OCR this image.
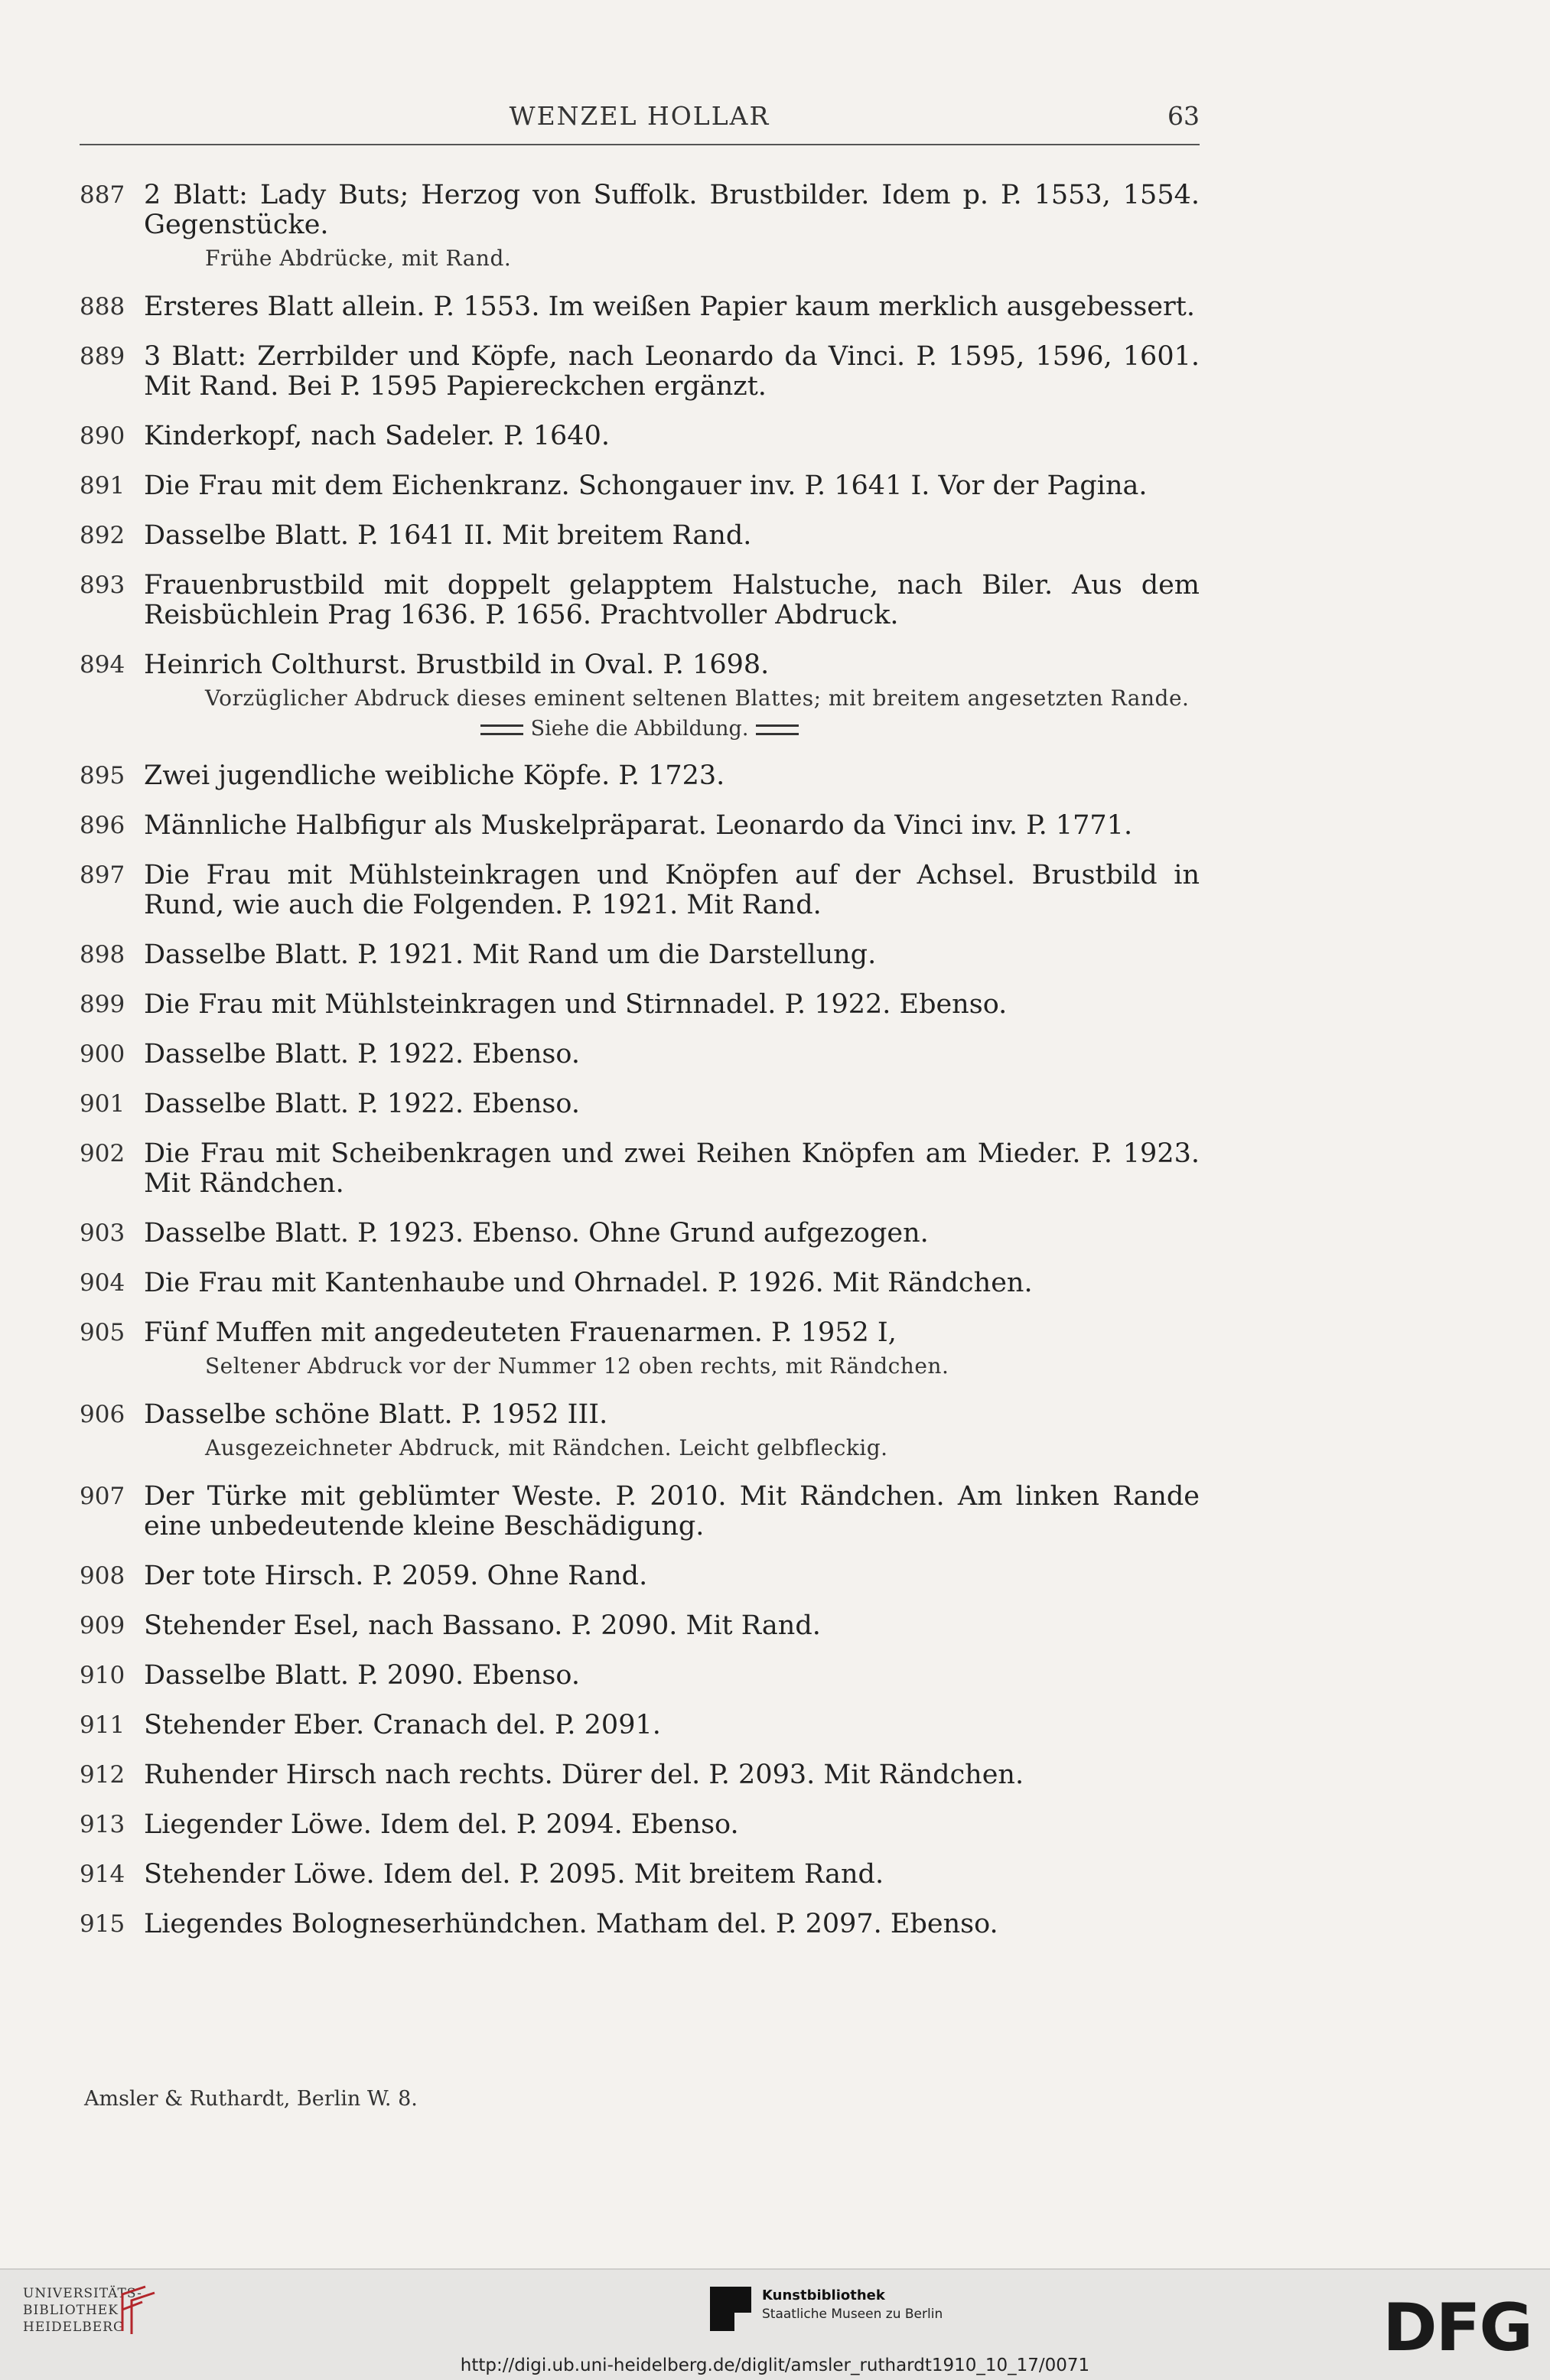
WENZEL HOLLAR	63
887 2 Blatt: Lady Buts; Herzog von Suffolk. Brustbilder. Idem p. P. 1553, 1554. Gegenstücke.
Frühe Abdrücke, mit Rand.
888 Ersteres Blatt allein. P. 1553. Im weißen Papier kaum merklich ausgebessert.
889 3 Blatt: Zerrbilder und Köpfe, nach Leonardo da Vinci. P. 1595, 1596, 1601. Mit Rand. Bei P. 1595 Papiereckchen ergänzt.
890 Kinderkopf, nach Sadeler. P. 1640.
891 Die Frau mit dem Eichenkranz. Schongauer inv. P. 1641 I. Vor der Pagina.
892 Dasselbe Blatt. P. 1641 II. Mit breitem Rand.
893 Frauenbrustbild mit doppelt gelapptem Halstuche, nach Biler. Aus dem Reisbüchlein Prag 1636. P. 1656. Prachtvoller Abdruck.
894 Heinrich Colthurst. Brustbild in Oval. P. 1698.
Vorzüglicher Abdruck dieses eminent seltenen Blattes; mit breitem angesetzten Rande.
Siehe die Abbildung.
895 Zwei jugendliche weibliche Köpfe. P. 1723.
896 Männliche Halbfigur als Muskelpräparat. Leonardo da Vinci inv. P. 1771.
897 Die Frau mit Mühlsteinkragen und Knöpfen auf der Achsel. Brustbild in Rund, wie auch die Folgenden. P. 1921. Mit Rand.
898 Dasselbe Blatt. P. 1921. Mit Rand um die Darstellung.
899 Die Frau mit Mühlsteinkragen und Stirnnadel. P. 1922. Ebenso.
900 Dasselbe Blatt. P. 1922. Ebenso.
901 Dasselbe Blatt. P. 1922. Ebenso.
902 Die Frau mit Scheibenkragen und zwei Reihen Knöpfen am Mieder. P. 1923. Mit Rändchen.
903 Dasselbe Blatt. P. 1923. Ebenso. Ohne Grund aufgezogen.
904 Die Frau mit Kantenhaube und Ohrnadel. P. 1926. Mit Rändchen.
905 Fünf Muffen mit angedeuteten Frauenarmen. P. 1952 I,
Seltener Abdruck vor der Nummer 12 oben rechts, mit Rändchen.
906 Dasselbe schöne Blatt. P. 1952 III.
Ausgezeichneter Abdruck, mit Rändchen. Leicht gelbfleckig.
907 Der Türke mit geblümter Weste. P. 2010. Mit Rändchen. Am linken Rande eine unbedeutende kleine Beschädigung.
908 Der tote Hirsch. P. 2059. Ohne Rand.
909 Stehender Esel, nach Bassano. P. 2090. Mit Rand.
910 Dasselbe Blatt. P. 2090. Ebenso.
911 Stehender Eber. Cranach del. P. 2091.
912 Ruhender Hirsch nach rechts. Dürer del. P. 2093. Mit Rändchen.
913 Liegender Löwe. Idem del. P. 2094. Ebenso.
914 Stehender Löwe. Idem del. P. 2095. Mit breitem Rand.
915 Liegendes Bologneserhündchen. Matham del. P. 2097. Ebenso.
Amsler & Ruthardt, Berlin W. 8.
UNIVERSITÄTS-
BIBLIOTHEK
HEIDELBERG
Kunstbibliothek
Staatliche Museen zu Berlin	DFG
http://digi.ub.uni-heidelberg.de/diglit/amsler_ruthardt1910_10_17/0071
